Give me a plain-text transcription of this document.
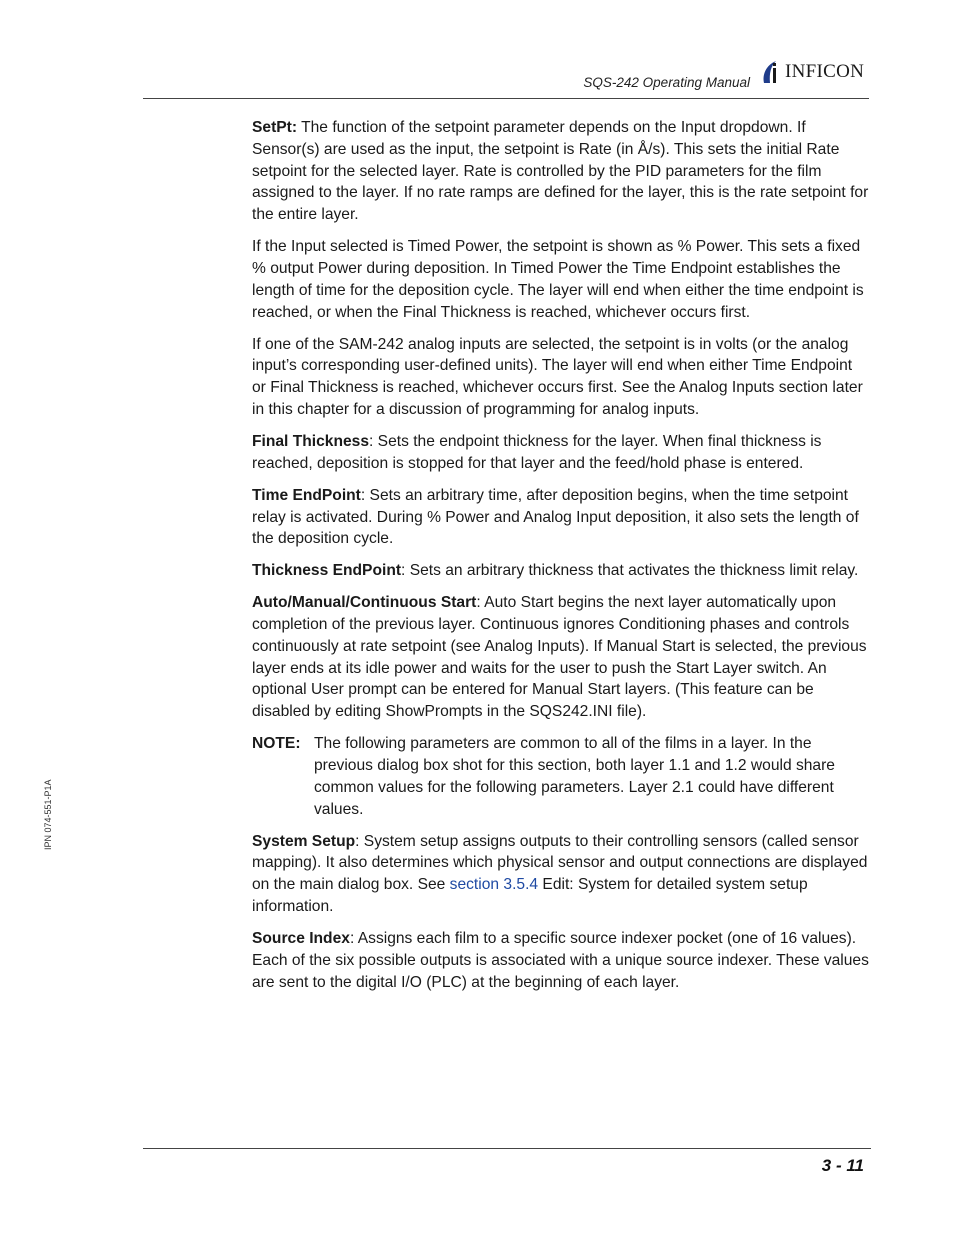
SQS-242 Operating Manual
INFICON
IPN 074-551-P1A

SetPt: The function of the setpoint parameter depends on the Input dropdown. If Sensor(s) are used as the input, the setpoint is Rate (in Å/s). This sets the initial Rate setpoint for the selected layer. Rate is controlled by the PID parameters for the film assigned to the layer. If no rate ramps are defined for the layer, this is the rate setpoint for the entire layer.

If the Input selected is Timed Power, the setpoint is shown as % Power. This sets a fixed % output Power during deposition. In Timed Power the Time Endpoint establishes the length of time for the deposition cycle. The layer will end when either the time endpoint is reached, or when the Final Thickness is reached, whichever occurs first.

If one of the SAM-242 analog inputs are selected, the setpoint is in volts (or the analog input’s corresponding user-defined units). The layer will end when either Time Endpoint or Final Thickness is reached, whichever occurs first. See the Analog Inputs section later in this chapter for a discussion of programming for analog inputs.

Final Thickness: Sets the endpoint thickness for the layer. When final thickness is reached, deposition is stopped for that layer and the feed/hold phase is entered.

Time EndPoint: Sets an arbitrary time, after deposition begins, when the time setpoint relay is activated. During % Power and Analog Input deposition, it also sets the length of the deposition cycle.

Thickness EndPoint: Sets an arbitrary thickness that activates the thickness limit relay.

Auto/Manual/Continuous Start: Auto Start begins the next layer automatically upon completion of the previous layer. Continuous ignores Conditioning phases and controls continuously at rate setpoint (see Analog Inputs). If Manual Start is selected, the previous layer ends at its idle power and waits for the user to push the Start Layer switch. An optional User prompt can be entered for Manual Start layers. (This feature can be disabled by editing ShowPrompts in the SQS242.INI file).

NOTE: The following parameters are common to all of the films in a layer. In the previous dialog box shot for this section, both layer 1.1 and 1.2 would share common values for the following parameters. Layer 2.1 could have different values.

System Setup: System setup assigns outputs to their controlling sensors (called sensor mapping). It also determines which physical sensor and output connections are displayed on the main dialog box. See section 3.5.4 Edit: System for detailed system setup information.

Source Index: Assigns each film to a specific source indexer pocket (one of 16 values). Each of the six possible outputs is associated with a unique source indexer. These values are sent to the digital I/O (PLC) at the beginning of each layer.

3 - 11
